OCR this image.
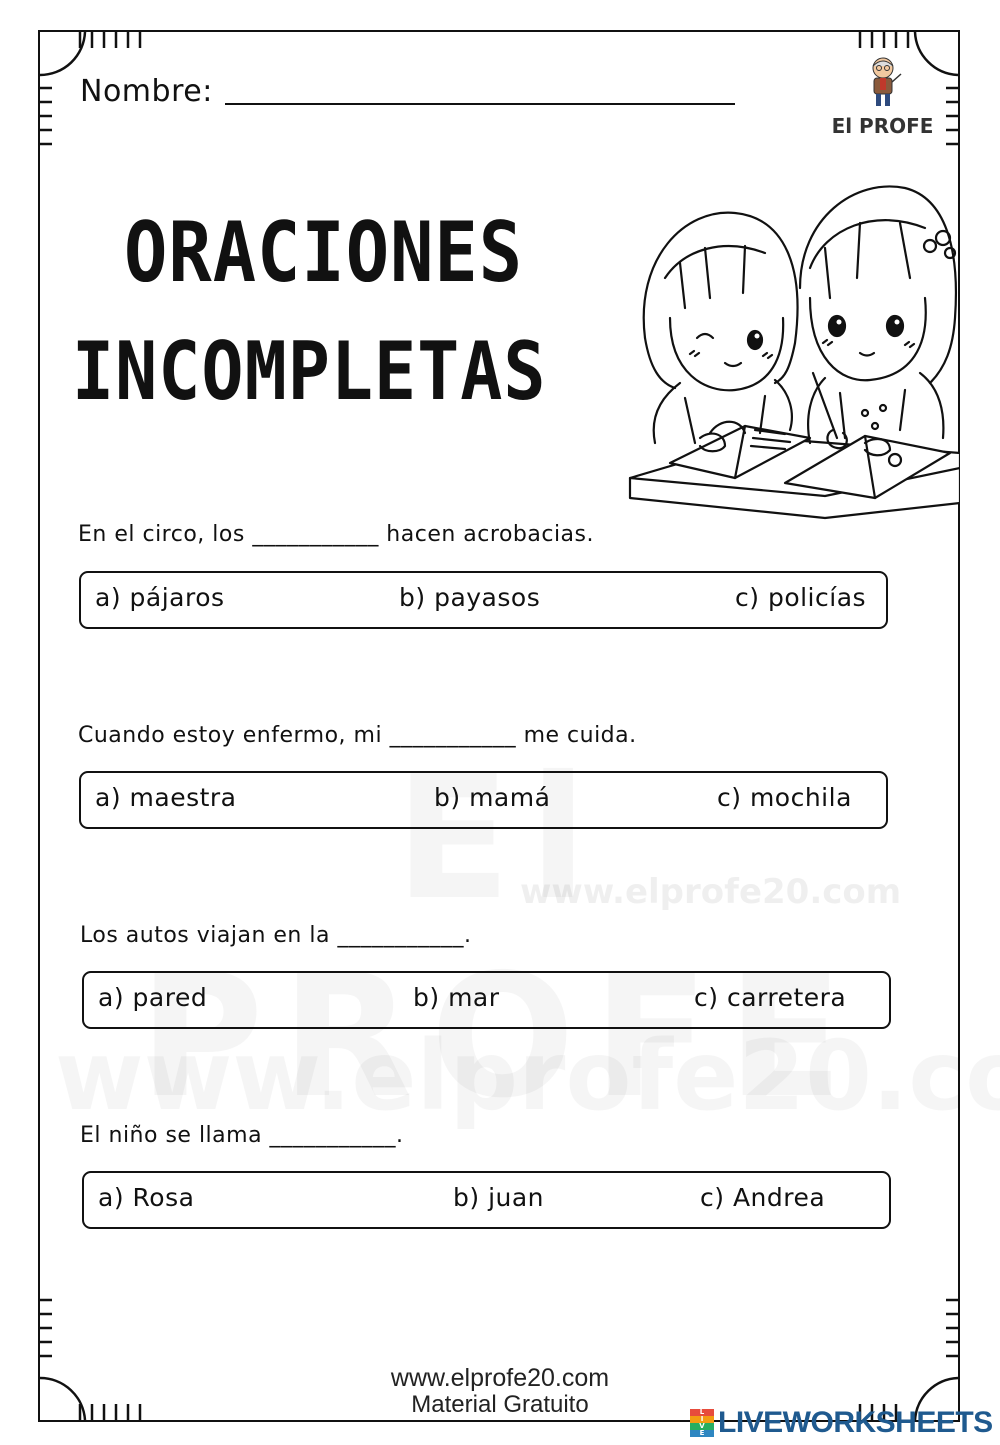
www.elprofe20.com
Nombre:
El PROFE
ORACIONES
INCOMPLETAS
En el circo, los ___________ hacen acrobacias.
a) pájaros	b) payasos	c) policías
Cuando estoy enfermo, mi ___________ me cuida.
a) maestra	b) mamá	c) mochila
Los autos viajan en la ___________.
a) pared	b) mar	c) carretera
El niño se llama ___________.
a) Rosa	b) juan	c) Andrea
www.elprofe20.com
Material Gratuito	L
I
V
E LIVEWORKSHEETS
